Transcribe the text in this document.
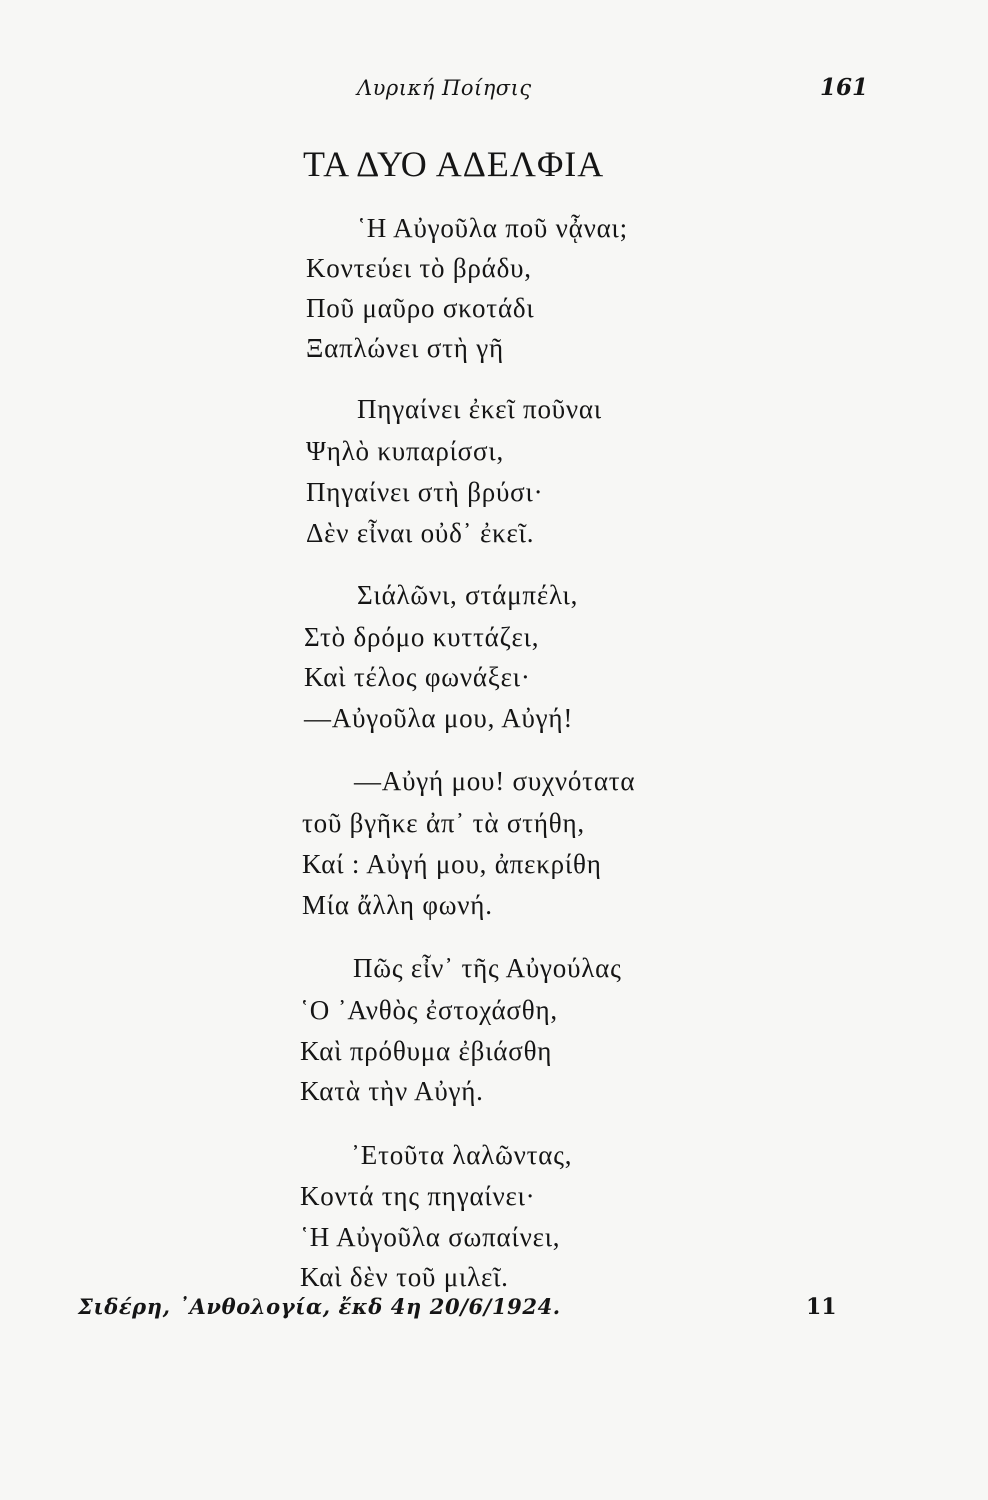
Λυρική Ποίησις	161
ΤΑ ΔΥΟ ΑΔΕΛΦΙΑ
῾Η Αὐγοῦλα ποῦ νᾆναι;
Κοντεύει τὸ βράδυ,
Ποῦ μαῦρο σκοτάδι
Ξαπλώνει στὴ γῆ
Πηγαίνει ἐκεῖ ποῦναι
Ψηλὸ κυπαρίσσι,
Πηγαίνει στὴ βρύσι·
Δὲν εἶναι οὐδ᾽ ἐκεῖ.
Σιάλῶνι, στάμπέλι,
Στὸ δρόμο κυττάζει,
Καὶ τέλος φωνάξει·
—Αὐγοῦλα μου, Αὐγή!
—Αὐγή μου! συχνότατα
τοῦ βγῆκε ἀπ᾽ τὰ στήθη,
Καί : Αὐγή μου, ἀπεκρίθη
Μία ἄλλη φωνή.
Πῶς εἶν᾽ τῆς Αὐγούλας
῾Ο ᾽Ανθὸς ἐστοχάσθη,
Καὶ πρόθυμα ἐβιάσθη
Κατὰ τὴν Αὐγή.
᾽Ετοῦτα λαλῶντας,
Κοντά της πηγαίνει·
῾Η Αὐγοῦλα σωπαίνει,
Καὶ δὲν τοῦ μιλεῖ.
Σιδέρη, ᾽Ανθολογία, ἔκδ 4η 20/6/1924.	11
